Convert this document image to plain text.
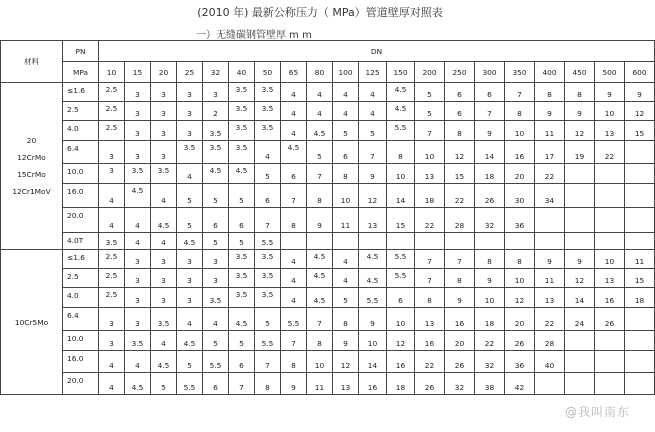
(2010 年) 最新公称压力（ MPa）管道壁厚对照表
一）无缝碳钢管壁厚 m m
材料	PN	DN																			
	MPa	10	15	20	25	32	40	50	65	80	100	125	150	200	250	300	350	400	450	500	600

20
12CrMo
15CrMo
12Cr1MoV	≤1.6	2.5	3	3	3	3	3.5	3.5	4	4	4	4	4.5	5	6	6	7	8	8	9	9
	2.5	2.5	3	3	3	2	3.5	3.5	4	4	4	4	4.5	5	6	7	8	9	9	10	12
	4.0	2.5	3	3	3	3.5	3.5	3.5	4	4.5	5	5	5.5	7	8	9	10	11	12	13	15
	6.4	3	3	3	3.5	3.5	3.5	4	4.5	5	6	7	8	10	12	14	16	17	19	22	

	10.0	3	3.5	3.5	4	4.5	4.5	5	6	7	8	9	10	13	15	18	20	22	

	16.0	4	4.5	4	5	5	5	6	7	8	10	12	14	18	22	26	30	34	

	20.0	4	4	4.5	5	6	6	7	8	9	11	13	15	22	28	32	36	

	4.0T	3.5	4	4	4.5	5	5	5.5	

10Cr5Mo	≤1.6	2.5	3	3	3	3	3.5	3.5	4	4.5	4	4.5	5.5	7	7	8	8	9	9	10	11
	2.5	2.5	3	3	3	3	3.5	3.5	4	4.5	4	4.5	5.5	7	8	9	10	11	12	13	15
	4.0	2.5	3	3	3	3.5	3.5	3.5	4	4.5	5	5.5	6	8	9	10	12	13	14	16	18
	6.4	3	3	3.5	4	4	4.5	5	5.5	7	8	9	10	13	16	18	20	22	24	26	

	10.0	3	3.5	4	4.5	5	5	5.5	7	8	9	10	12	16	20	22	26	28	

	16.0	4	4	4.5	5	5.5	6	7	8	10	12	14	16	22	26	32	36	40	

	20.0	4	4.5	5	5.5	6	7	8	9	11	13	16	18	26	32	38	42	

@我叫南东
